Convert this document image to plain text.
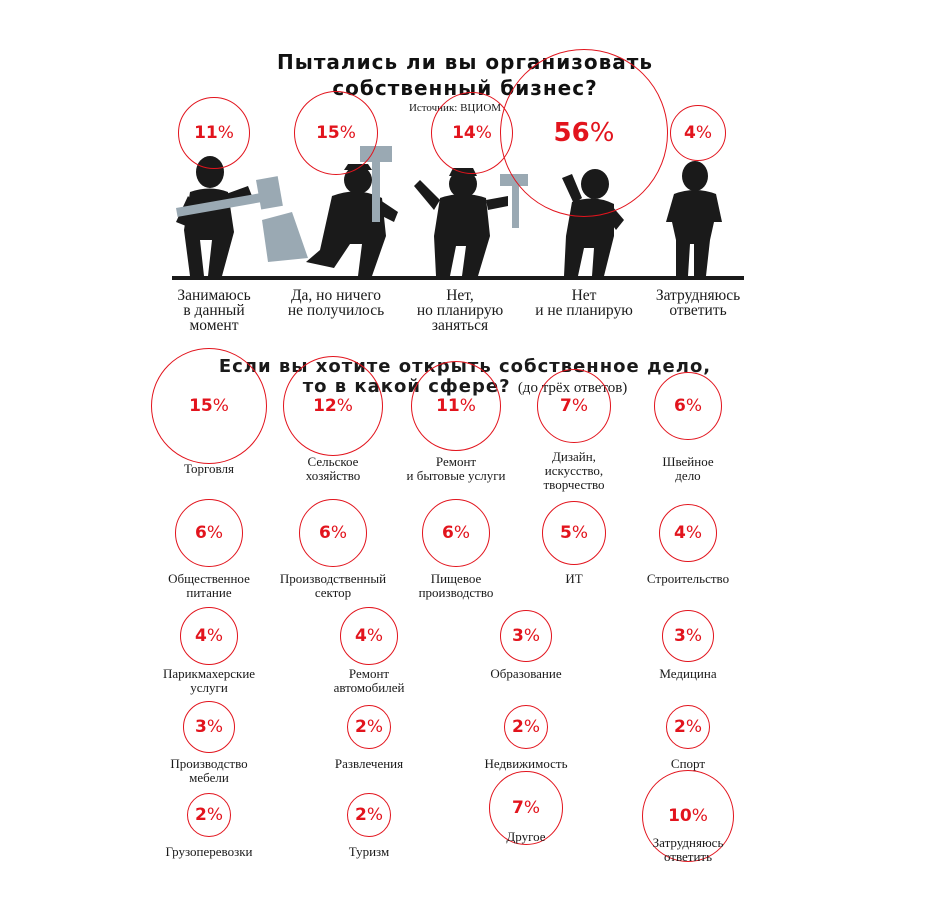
Пытались ли вы организовать
собственный бизнес?
Источник: ВЦИОМ
11%
Занимаюсь
в данный
момент
15%
Да, но ничего
не получилось
14%
Нет,
но планирую
заняться
56%
Нет
и не планирую
4%
Затрудняюсь
ответить
Если вы хотите открыть собственное дело,
то в какой сфере? (до трёх ответов)
15%
Торговля
12%
Сельское
хозяйство
11%
Ремонт
и бытовые услуги
7%
Дизайн,
искусство,
творчество
6%
Швейное
дело
6%
Общественное
питание
6%
Производственный
сектор
6%
Пищевое
производство
5%
ИТ
4%
Строительство
4%
Парикмахерские
услуги
4%
Ремонт
автомобилей
3%
Образование
3%
Медицина
3%
Производство
мебели
2%
Развлечения
2%
Недвижимость
2%
Спорт
2%
Грузоперевозки
2%
Туризм
7%
Другое
10%
Затрудняюсь
ответить
